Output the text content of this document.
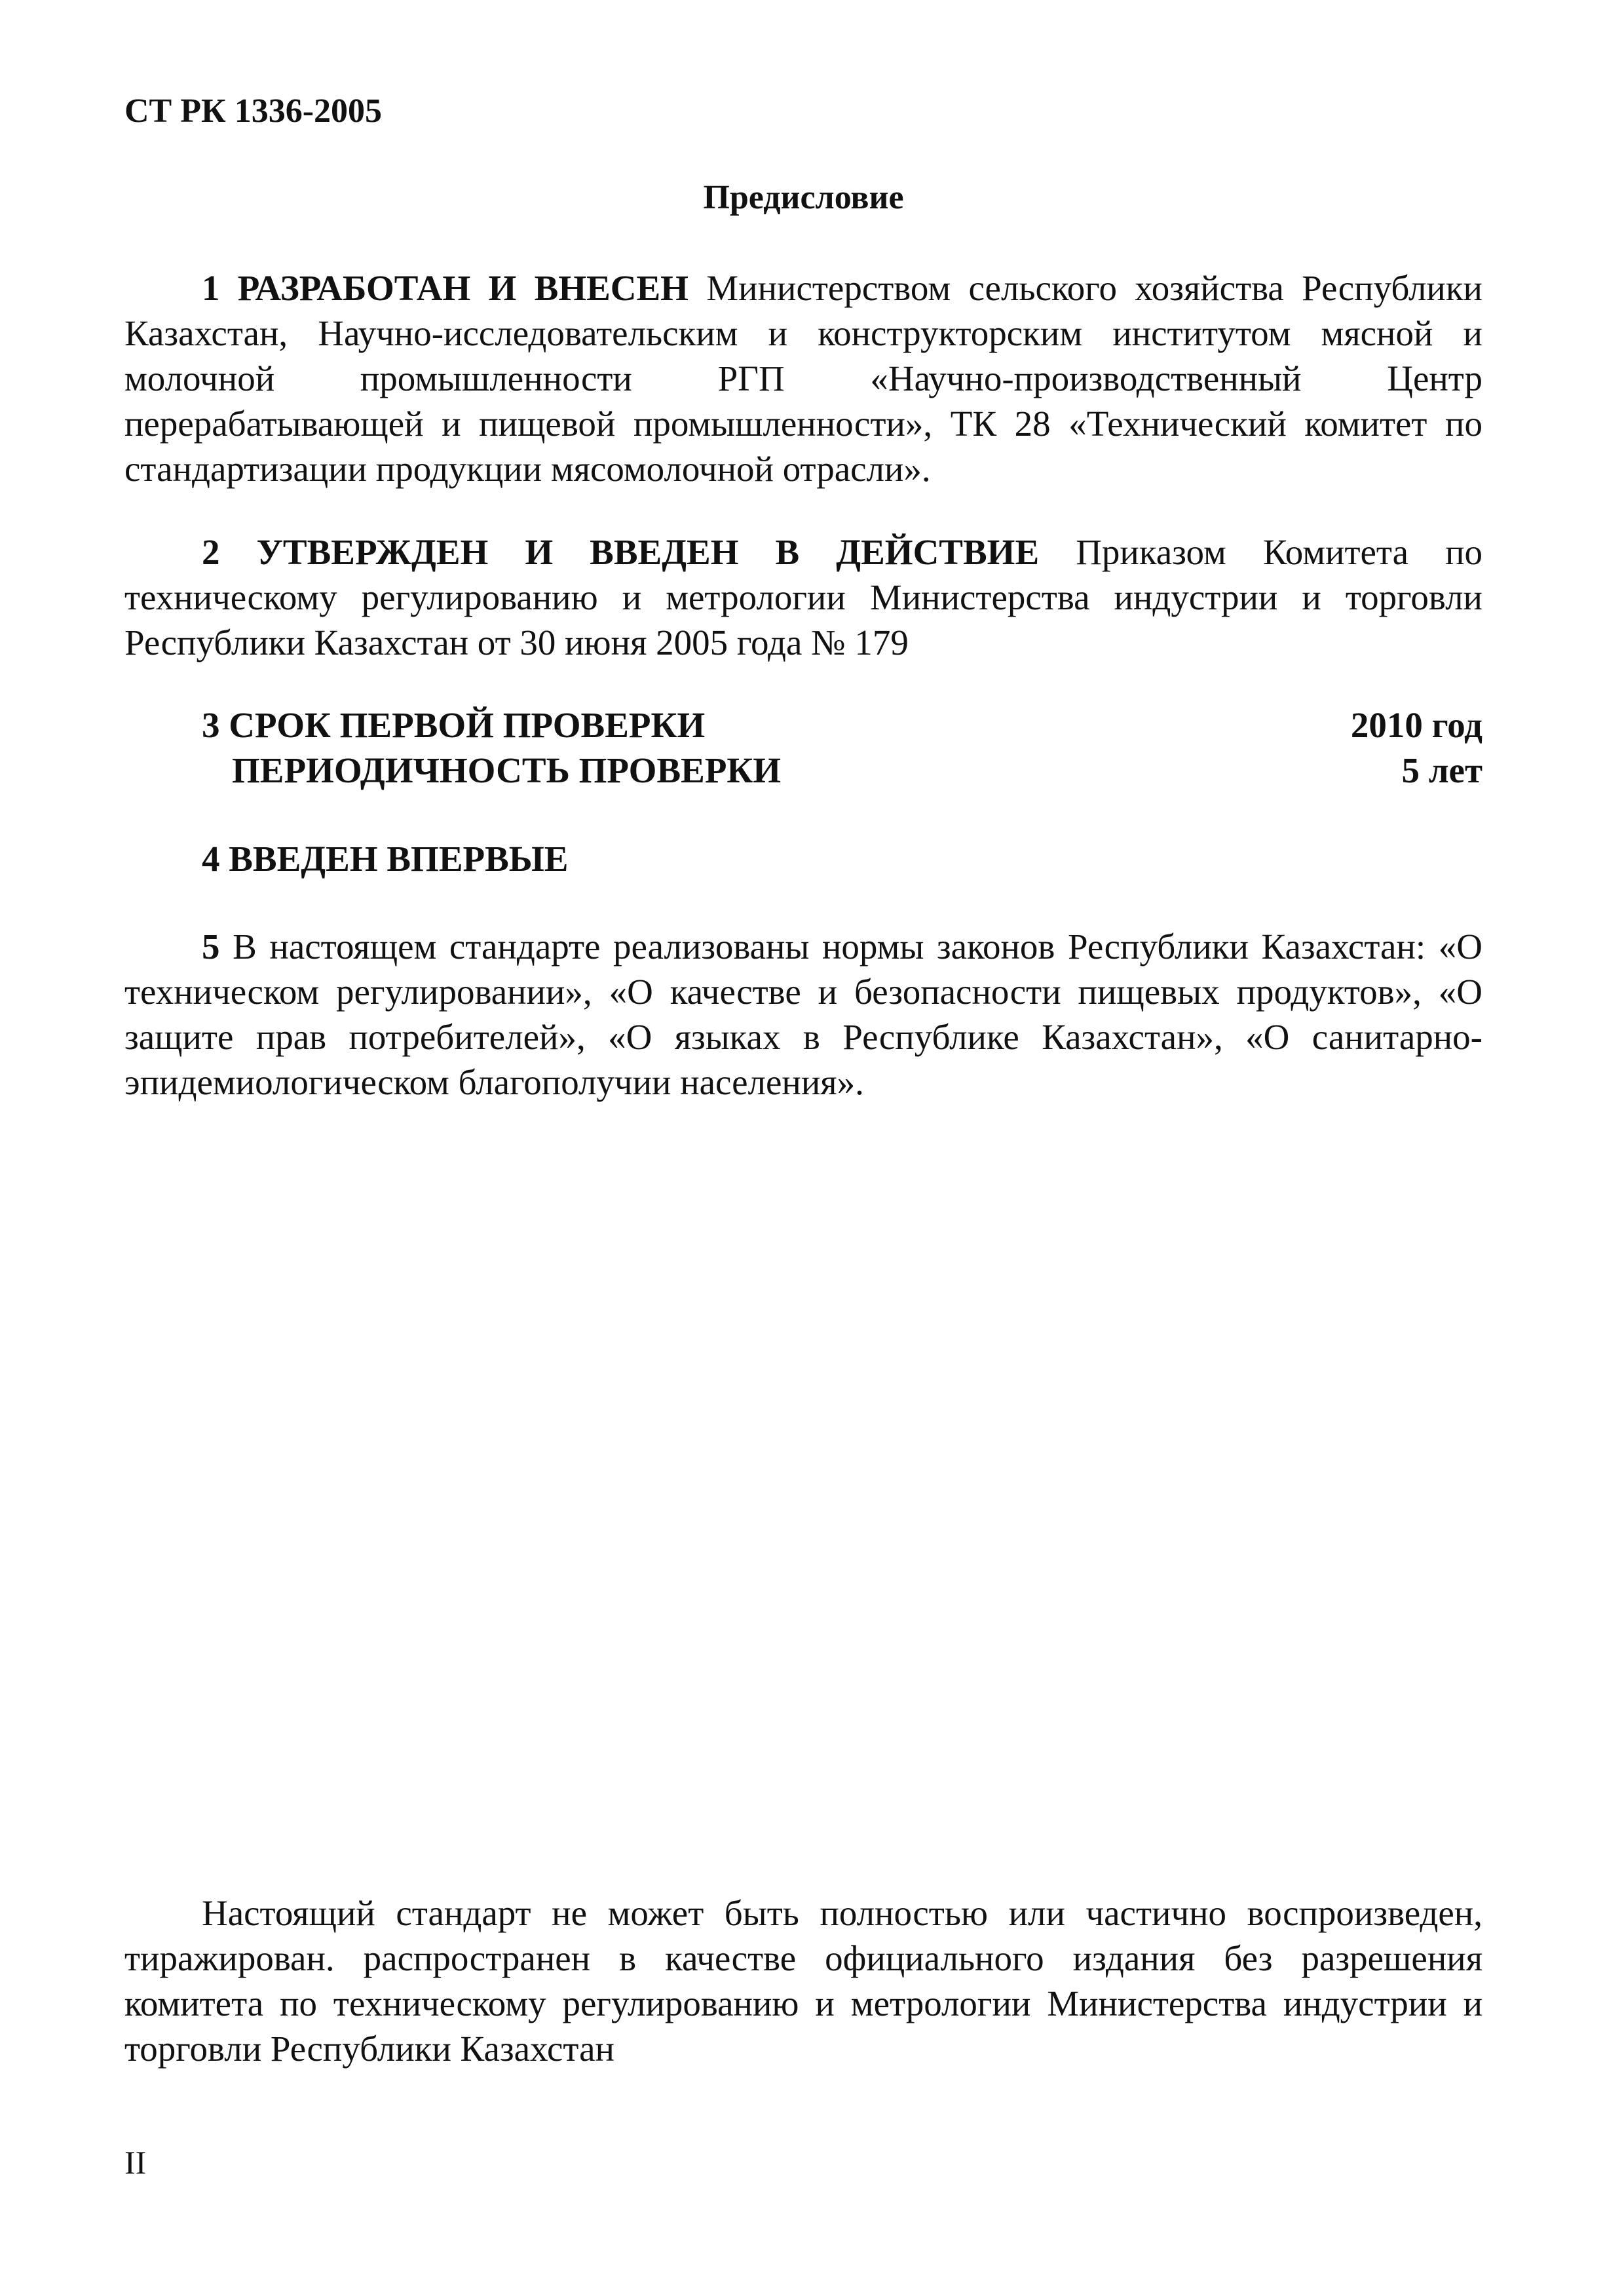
СТ РК 1336-2005
Предисловие

1 РАЗРАБОТАН И ВНЕСЕН Министерством сельского хозяйства Республики Казахстан, Научно-исследовательским и конструкторским институтом мясной и молочной промышленности РГП «Научно-производственный Центр перерабатывающей и пищевой промышленности», ТК 28 «Технический комитет по стандартизации продукции мясомолочной отрасли».

2 УТВЕРЖДЕН И ВВЕДЕН В ДЕЙСТВИЕ Приказом Комитета по техническому регулированию и метрологии Министерства индустрии и торговли Республики Казахстан от 30 июня 2005 года № 179

3 СРОК ПЕРВОЙ ПРОВЕРКИ	2010 год
ПЕРИОДИЧНОСТЬ ПРОВЕРКИ	5 лет
4 ВВЕДЕН ВПЕРВЫЕ

5 В настоящем стандарте реализованы нормы законов Республики Казахстан: «О техническом регулировании», «О качестве и безопасности пищевых продуктов», «О защите прав потребителей», «О языках в Республике Казахстан», «О санитарно-эпидемиологическом благополучии населения».

Настоящий стандарт не может быть полностью или частично воспроизведен, тиражирован. распространен в качестве официального издания без разрешения комитета по техническому регулированию и метрологии Министерства индустрии и торговли Республики Казахстан

II
